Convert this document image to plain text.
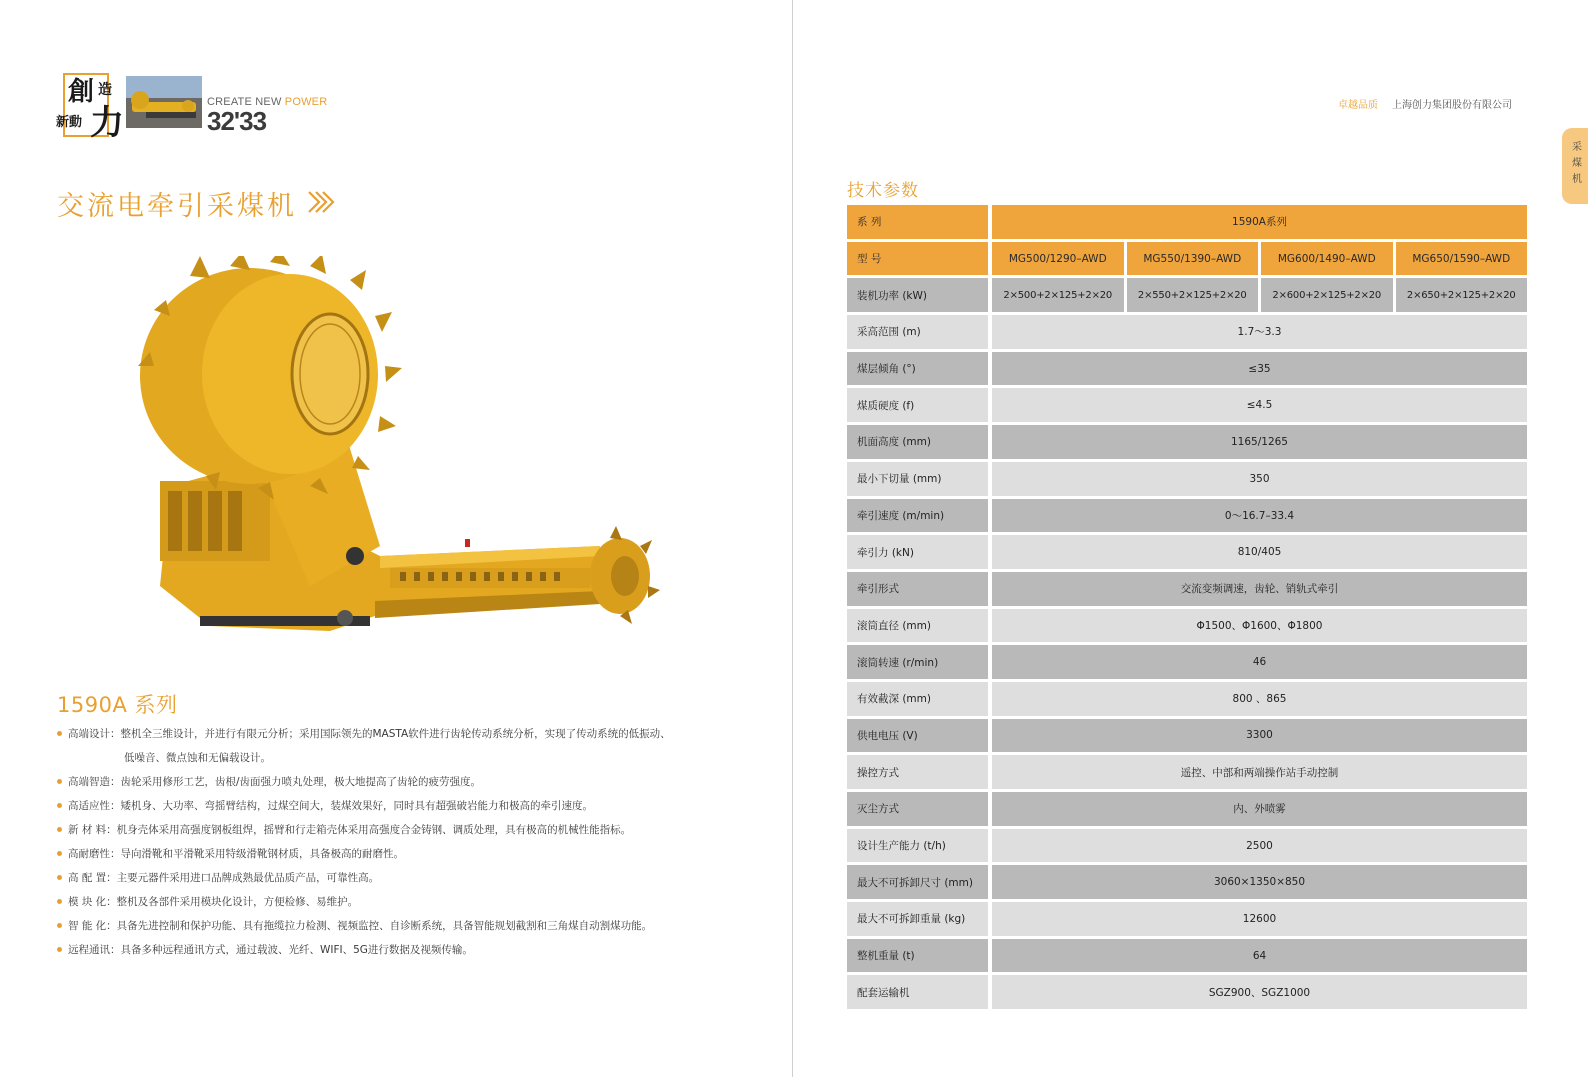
創 造
新動 力
CREATE NEW POWER
32'33
交流电牵引采煤机
1590A 系列
高端设计：整机全三维设计，并进行有限元分析；采用国际领先的MASTA软件进行齿轮传动系统分析，实现了传动系统的低振动、
低噪音、微点蚀和无偏载设计。
高端智造：齿轮采用修形工艺，齿根/齿面强力喷丸处理，极大地提高了齿轮的疲劳强度。
高适应性：矮机身、大功率、弯摇臂结构，过煤空间大，装煤效果好，同时具有超强破岩能力和极高的牵引速度。
新 材 料：机身壳体采用高强度钢板组焊，摇臂和行走箱壳体采用高强度合金铸钢、调质处理，具有极高的机械性能指标。
高耐磨性：导向滑靴和平滑靴采用特级滑靴钢材质，具备极高的耐磨性。
高 配 置：主要元器件采用进口品牌成熟最优品质产品，可靠性高。
模 块 化：整机及各部件采用模块化设计，方便检修、易维护。
智 能 化：具备先进控制和保护功能、具有拖缆拉力检测、视频监控、自诊断系统，具备智能规划截割和三角煤自动割煤功能。
远程通讯：具备多种远程通讯方式，通过载波、光纤、WIFI、5G进行数据及视频传输。
卓越品质 上海创力集团股份有限公司
采煤机
技术参数
系 列	1590A系列
型 号	MG500/1290–AWD	MG550/1390–AWD	MG600/1490–AWD	MG650/1590–AWD
装机功率 (kW)	2×500+2×125+2×20	2×550+2×125+2×20	2×600+2×125+2×20	2×650+2×125+2×20
采高范围 (m)	1.7～3.3
煤层倾角 (°)	≤35
煤质硬度 (f)	≤4.5
机面高度 (mm)	1165/1265
最小下切量 (mm)	350
牵引速度 (m/min)	0～16.7–33.4
牵引力 (kN)	810/405
牵引形式	交流变频调速，齿轮、销轨式牵引
滚筒直径 (mm)	Φ1500、Φ1600、Φ1800
滚筒转速 (r/min)	46
有效截深 (mm)	800 、865
供电电压 (V)	3300
操控方式	遥控、中部和两端操作站手动控制
灭尘方式	内、外喷雾
设计生产能力 (t/h)	2500
最大不可拆卸尺寸 (mm)	3060×1350×850
最大不可拆卸重量 (kg)	12600
整机重量 (t)	64
配套运输机	SGZ900、SGZ1000
